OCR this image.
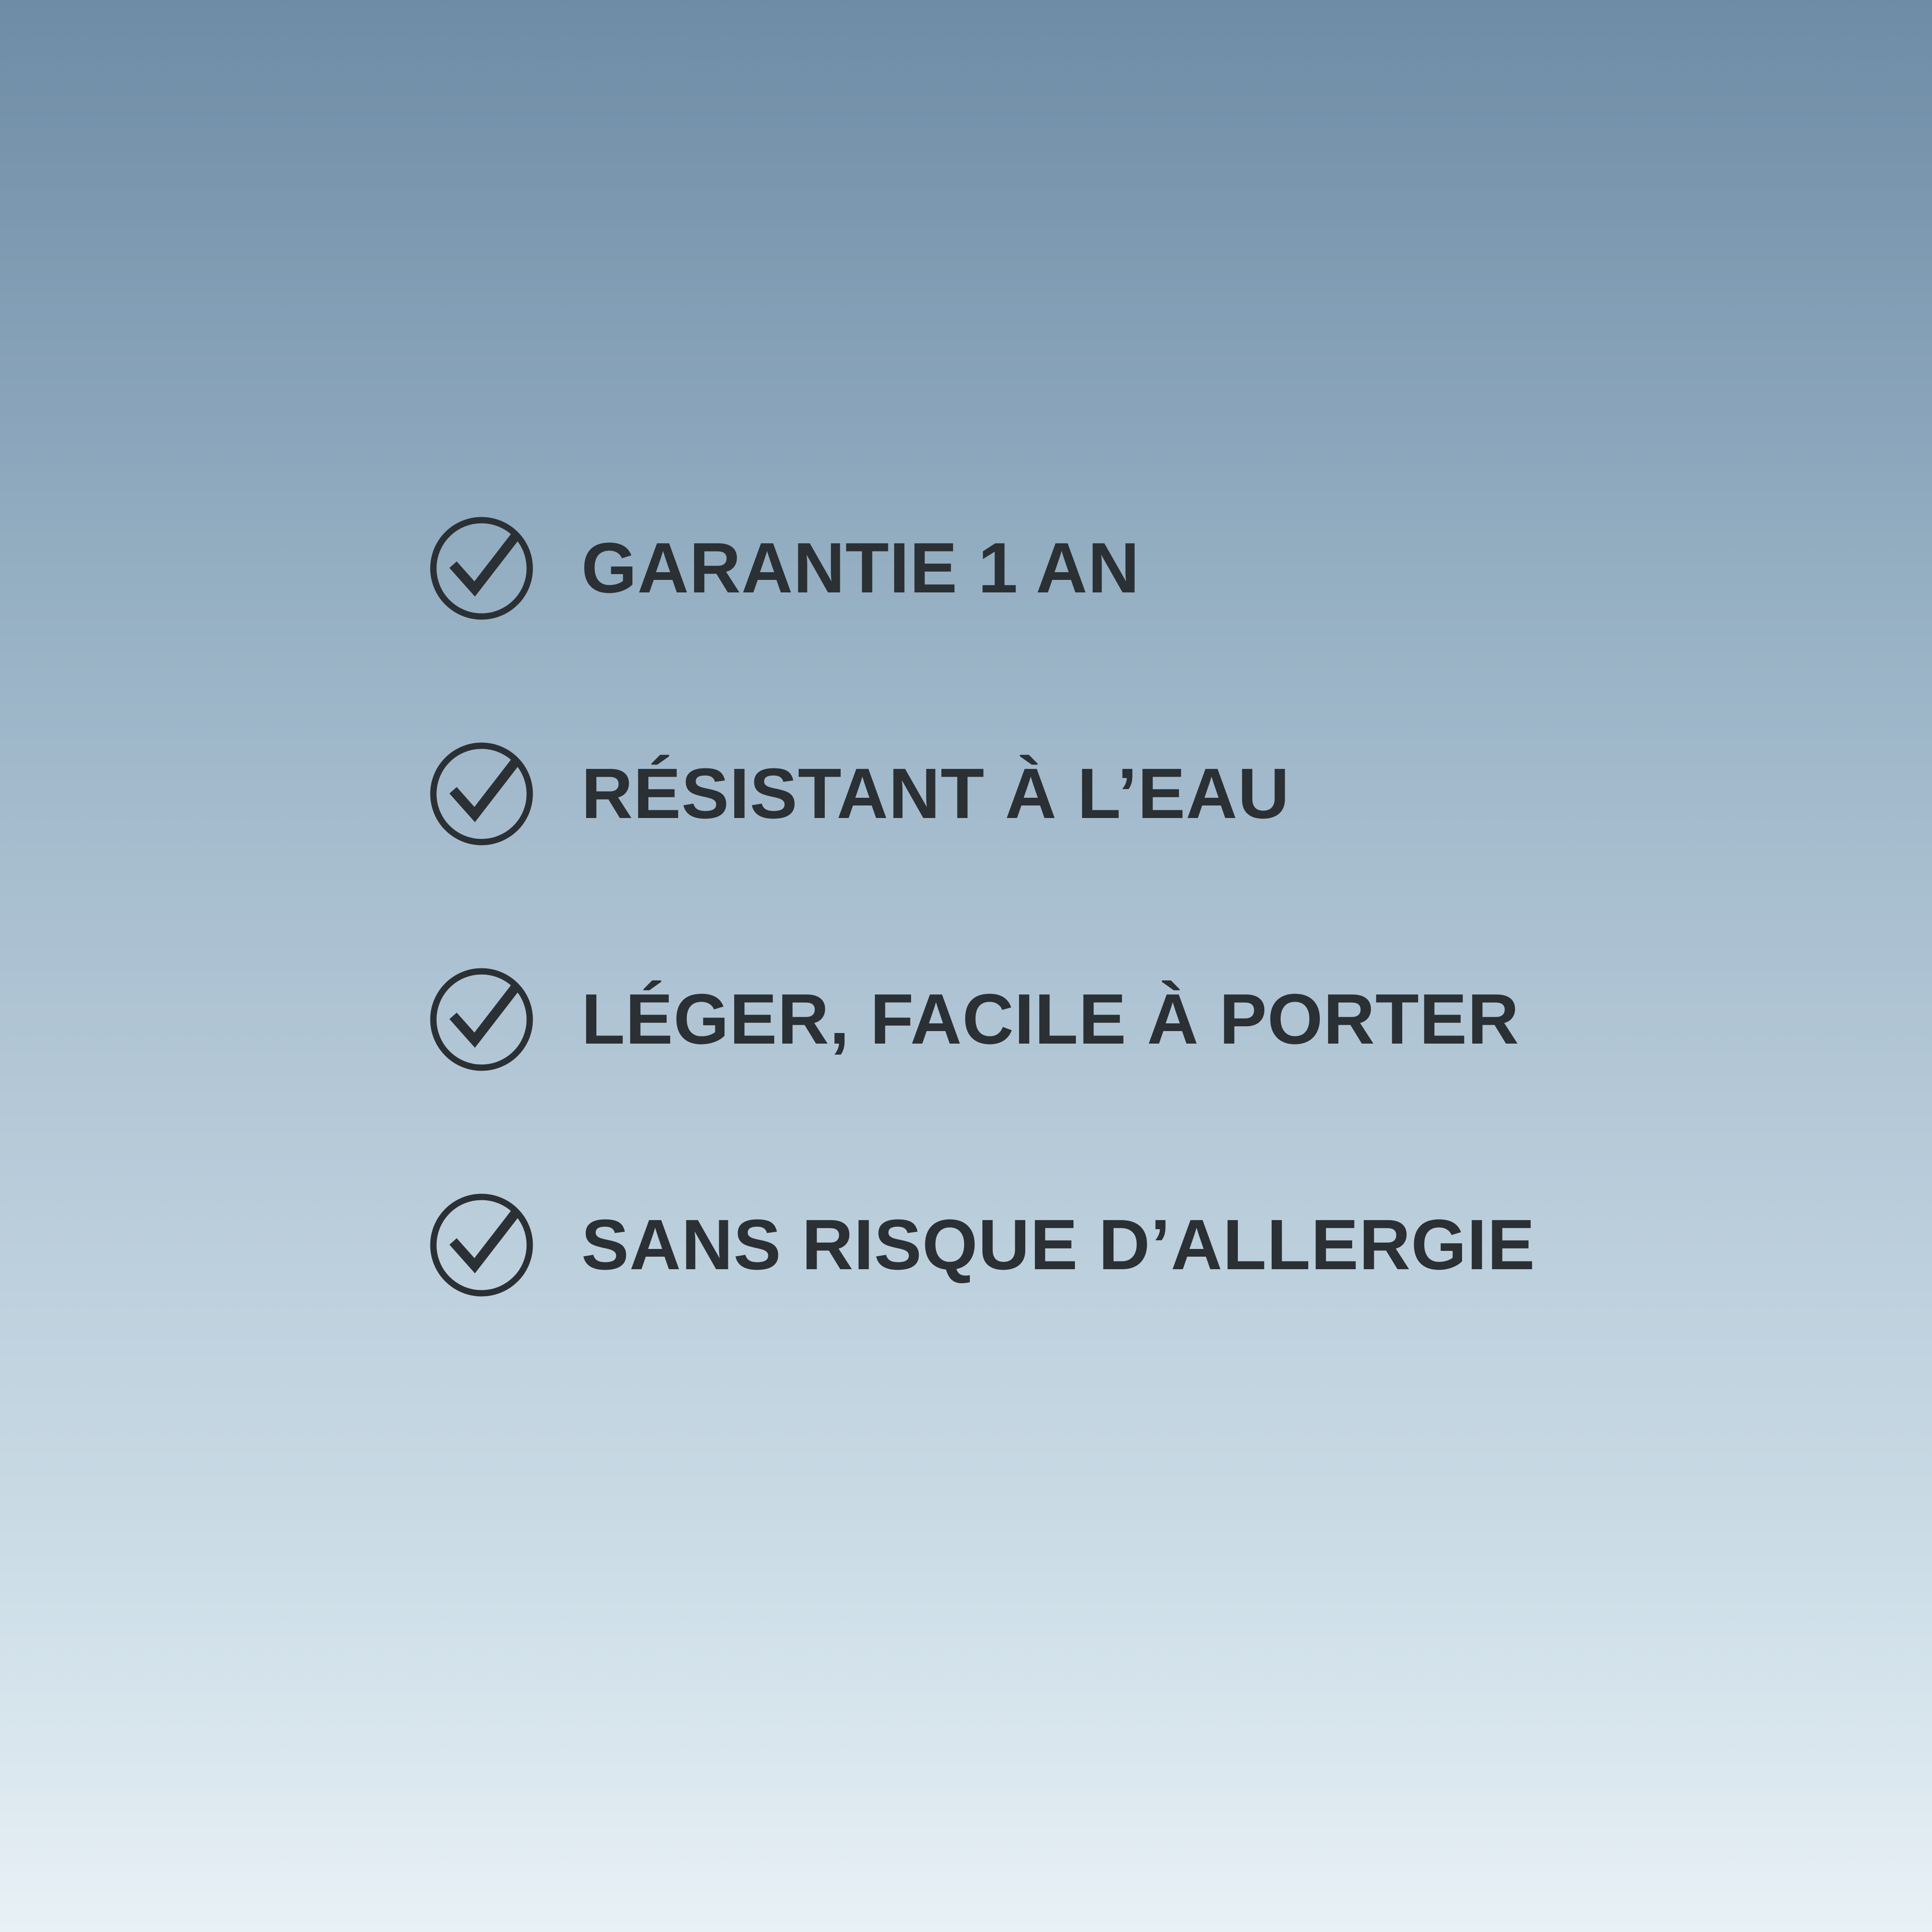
GARANTIE 1 AN
RÉSISTANT À L’EAU
LÉGER, FACILE À PORTER
SANS RISQUE D’ALLERGIE
